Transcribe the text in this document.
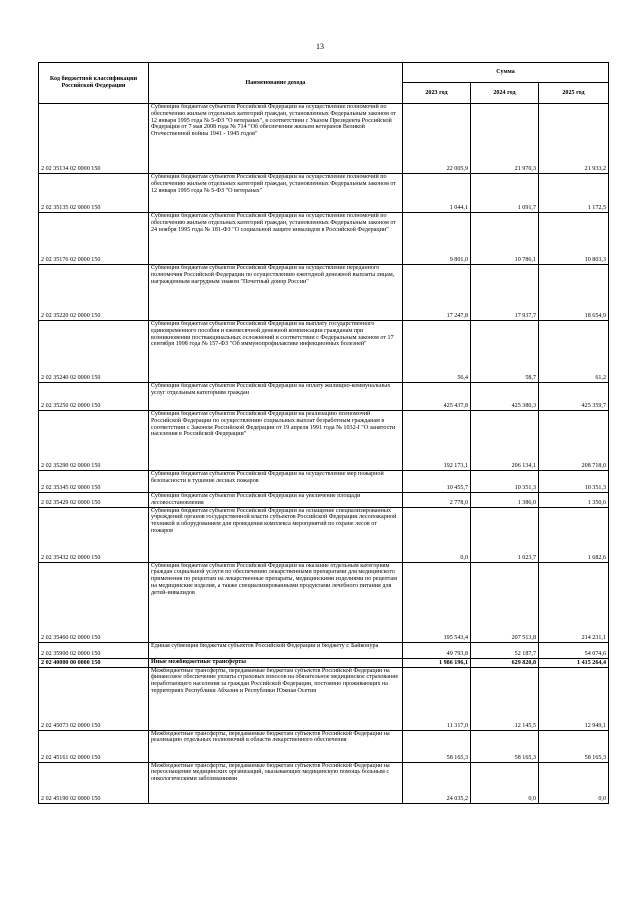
13
Код бюджетной классификации Российской Федерации	Наименование дохода	Сумма		
		2023 год	2024 год	2025 год
2 02 35134 02 0000 150	Субвенции бюджетам субъектов Российской Федерации на осуществление полномочий по обеспечению жильем отдельных категорий граждан, установленных Федеральным законом от 12 января 1995 года № 5-ФЗ "О ветеранах", в соответствии с Указом Президента Российской Федерации от 7 мая 2008 года № 714 "Об обеспечении жильем ветеранов Великой Отечественной войны 1941 - 1945 годов"	22 005,9	21 970,3	21 933,2
2 02 35135 02 0000 150	Субвенции бюджетам субъектов Российской Федерации на осуществление полномочий по обеспечению жильем отдельных категорий граждан, установленных Федеральным законом от 12 января 1995 года № 5-ФЗ "О ветеранах"	1 044,1	1 091,7	1 172,5
2 02 35176 02 0000 150	Субвенции бюджетам субъектов Российской Федерации на осуществление полномочий по обеспечению жильем отдельных категорий граждан, установленных Федеральным законом от 24 ноября 1995 года № 181-ФЗ "О социальной защите инвалидов в Российской Федерации"	9 801,0	10 786,1	10 803,3
2 02 35220 02 0000 150	Субвенции бюджетам субъектов Российской Федерации на осуществление переданного полномочия Российской Федерации по осуществлению ежегодной денежной выплаты лицам, награжденным нагрудным знаком "Почетный донор России"	17 247,8	17 937,7	18 654,9
2 02 35240 02 0000 150	Субвенции бюджетам субъектов Российской Федерации на выплату государственного единовременного пособия и ежемесячной денежной компенсации гражданам при возникновении поствакцинальных осложнений в соответствии с Федеральным законом от 17 сентября 1998 года № 157-ФЗ "Об иммунопрофилактике инфекционных болезней"	56,4	58,7	61,2
2 02 35250 02 0000 150	Субвенции бюджетам субъектов Российской Федерации на оплату жилищно-коммунальных услуг отдельным категориям граждан	425 437,8	425 380,3	425 359,7
2 02 35290 02 0000 150	Субвенции бюджетам субъектов Российской Федерации на реализацию полномочий Российской Федерации по осуществлению социальных выплат безработным гражданам в соответствии с Законом Российской Федерации от 19 апреля 1991 года № 1032-I "О занятости населения в Российской Федерации"	192 173,1	206 134,1	208 718,0
2 02 35345 02 0000 150	Субвенции бюджетам субъектов Российской Федерации на осуществление мер пожарной безопасности и тушение лесных пожаров	10 455,7	10 351,3	10 351,3
2 02 35429 02 0000 150	Субвенции бюджетам субъектов Российской Федерации на увеличение площади лесовосстановления	2 778,0	1 386,0	1 350,6
2 02 35432 02 0000 150	Субвенции бюджетам субъектов Российской Федерации на оснащение специализированных учреждений органов государственной власти субъектов Российской Федерации лесопожарной техникой и оборудованием для проведения комплекса мероприятий по охране лесов от пожаров	0,0	1 023,7	1 682,6
2 02 35460 02 0000 150	Субвенции бюджетам субъектов Российской Федерации на оказание отдельным категориям граждан социальной услуги по обеспечению лекарственными препаратами для медицинского применения по рецептам на лекарственные препараты, медицинскими изделиями по рецептам на медицинские изделия, а также специализированными продуктами лечебного питания для детей-инвалидов	195 543,4	207 513,8	214 231,1
2 02 35900 02 0000 150	Единая субвенция бюджетам субъектов Российской Федерации и бюджету г. Байконура	49 793,8	52 187,7	54 074,6
2 02 40000 00 0000 150	Иные межбюджетные трансферты	1 986 196,1	629 820,8	1 415 264,4
2 02 45073 02 0000 150	Межбюджетные трансферты, передаваемые бюджетам субъектов Российской Федерации на финансовое обеспечение уплаты страховых взносов на обязательное медицинское страхование неработающего населения за граждан Российской Федерации, постоянно проживающих на территориях Республики Абхазия и Республики Южная Осетия	11 317,0	12 145,5	12 949,1
2 02 45161 02 0000 150	Межбюджетные трансферты, передаваемые бюджетам субъектов Российской Федерации на реализацию отдельных полномочий в области лекарственного обеспечения	58 165,3	58 165,3	58 165,3
2 02 45190 02 0000 150	Межбюджетные трансферты, передаваемые бюджетам субъектов Российской Федерации на переоснащение медицинских организаций, оказывающих медицинскую помощь больным с онкологическими заболеваниями	24 035,2	0,0	0,0
